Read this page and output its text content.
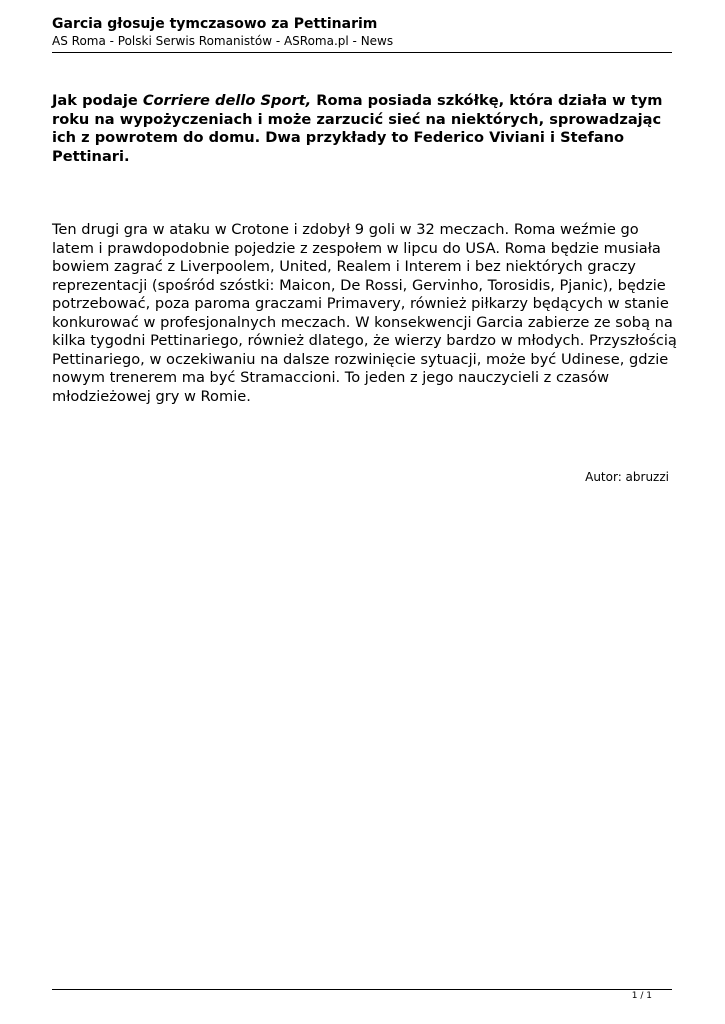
Garcia głosuje tymczasowo za Pettinarim

AS Roma - Polski Serwis Romanistów - ASRoma.pl - News

Jak podaje Corriere dello Sport, Roma posiada szkółkę, która działa w tym roku na wypożyczeniach i może zarzucić sieć na niektórych, sprowadzając ich z powrotem do domu. Dwa przykłady to Federico Viviani i Stefano Pettinari.

Ten drugi gra w ataku w Crotone i zdobył 9 goli w 32 meczach. Roma weźmie go latem i prawdopodobnie pojedzie z zespołem w lipcu do USA. Roma będzie musiała bowiem zagrać z Liverpoolem, United, Realem i Interem i bez niektórych graczy reprezentacji (spośród szóstki: Maicon, De Rossi, Gervinho, Torosidis, Pjanic), będzie potrzebować, poza paroma graczami Primavery, również piłkarzy będących w stanie konkurować w profesjonalnych meczach. W konsekwencji Garcia zabierze ze sobą na kilka tygodni Pettinariego, również dlatego, że wierzy bardzo w młodych. Przyszłością Pettinariego, w oczekiwaniu na dalsze rozwinięcie sytuacji, może być Udinese, gdzie nowym trenerem ma być Stramaccioni. To jeden z jego nauczycieli z czasów młodzieżowej gry w Romie.

Autor: abruzzi

1 / 1
